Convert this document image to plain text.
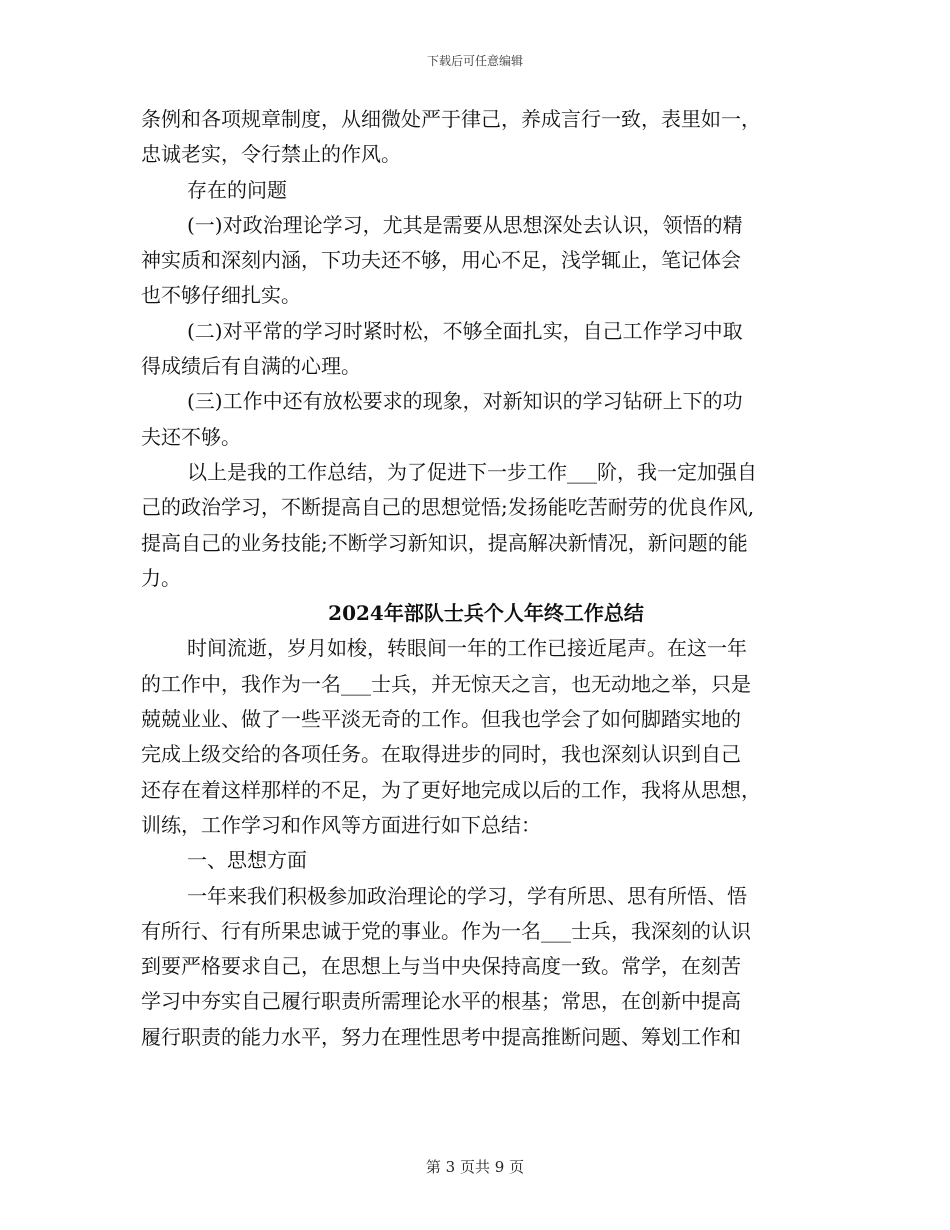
下载后可任意编辑
条例和各项规章制度，从细微处严于律己，养成言行一致，表里如一，
忠诚老实，令行禁止的作风。
存在的问题
(一)对政治理论学习，尤其是需要从思想深处去认识，领悟的精
神实质和深刻内涵，下功夫还不够，用心不足，浅学辄止，笔记体会
也不够仔细扎实。
(二)对平常的学习时紧时松，不够全面扎实，自己工作学习中取
得成绩后有自满的心理。
(三)工作中还有放松要求的现象，对新知识的学习钻研上下的功
夫还不够。
以上是我的工作总结，为了促进下一步工作___阶，我一定加强自
己的政治学习，不断提高自己的思想觉悟;发扬能吃苦耐劳的优良作风,
提高自己的业务技能;不断学习新知识，提高解决新情况，新问题的能
力。
2024年部队士兵个人年终工作总结
时间流逝，岁月如梭，转眼间一年的工作已接近尾声。在这一年
的工作中，我作为一名___士兵，并无惊天之言，也无动地之举，只是
兢兢业业、做了一些平淡无奇的工作。但我也学会了如何脚踏实地的
完成上级交给的各项任务。在取得进步的同时，我也深刻认识到自己
还存在着这样那样的不足，为了更好地完成以后的工作，我将从思想，
训练，工作学习和作风等方面进行如下总结：
一、思想方面
一年来我们积极参加政治理论的学习，学有所思、思有所悟、悟
有所行、行有所果忠诚于党的事业。作为一名___士兵，我深刻的认识
到要严格要求自己，在思想上与当中央保持高度一致。常学，在刻苦
学习中夯实自己履行职责所需理论水平的根基；常思，在创新中提高
履行职责的能力水平，努力在理性思考中提高推断问题、筹划工作和
第 3 页共 9 页
